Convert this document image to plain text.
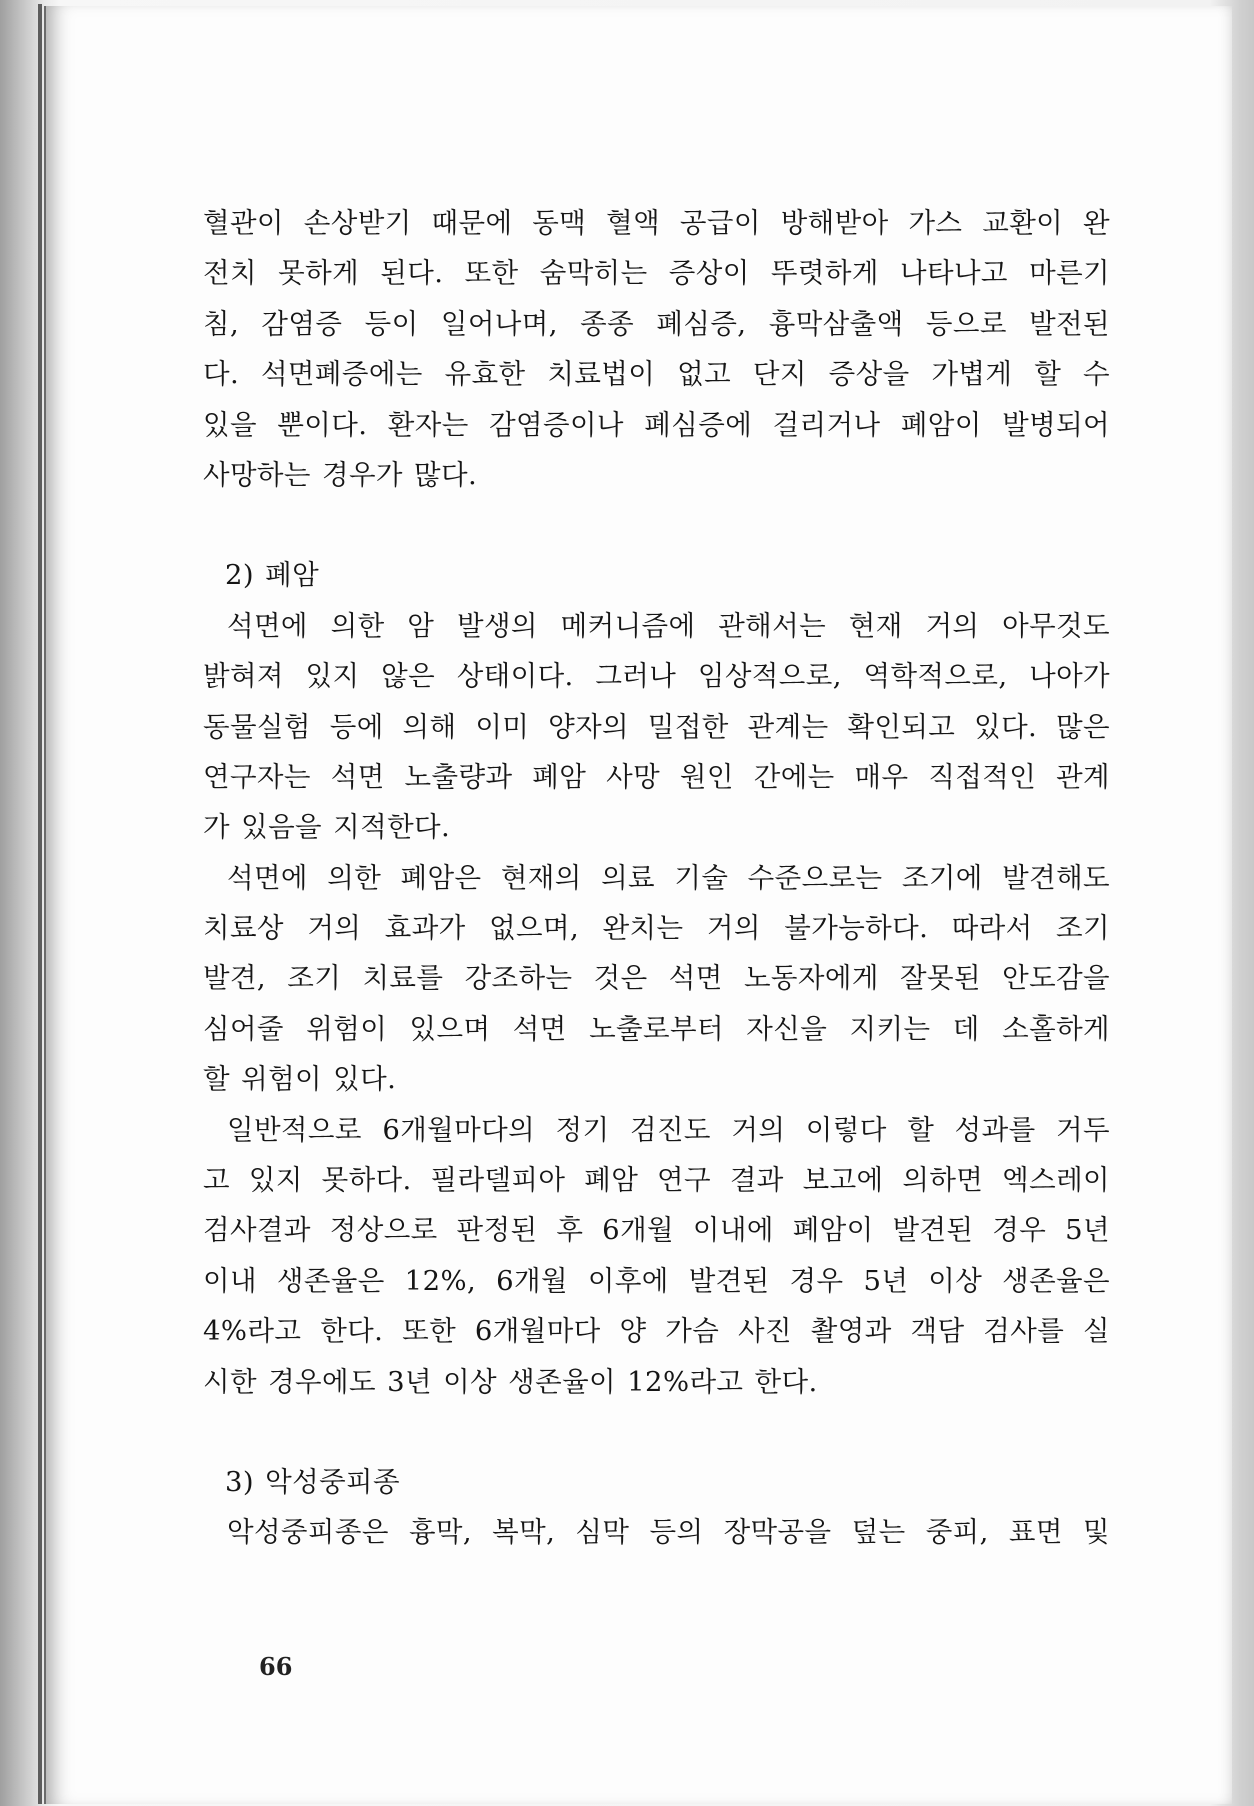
혈관이 손상받기 때문에 동맥 혈액 공급이 방해받아 가스 교환이 완
전치 못하게 된다. 또한 숨막히는 증상이 뚜렷하게 나타나고 마른기
침, 감염증 등이 일어나며, 종종 폐심증, 흉막삼출액 등으로 발전된
다. 석면폐증에는 유효한 치료법이 없고 단지 증상을 가볍게 할 수
있을 뿐이다. 환자는 감염증이나 폐심증에 걸리거나 폐암이 발병되어
사망하는 경우가 많다.
2) 폐암
석면에 의한 암 발생의 메커니즘에 관해서는 현재 거의 아무것도
밝혀져 있지 않은 상태이다. 그러나 임상적으로, 역학적으로, 나아가
동물실험 등에 의해 이미 양자의 밀접한 관계는 확인되고 있다. 많은
연구자는 석면 노출량과 폐암 사망 원인 간에는 매우 직접적인 관계
가 있음을 지적한다.
석면에 의한 폐암은 현재의 의료 기술 수준으로는 조기에 발견해도
치료상 거의 효과가 없으며, 완치는 거의 불가능하다. 따라서 조기
발견, 조기 치료를 강조하는 것은 석면 노동자에게 잘못된 안도감을
심어줄 위험이 있으며 석면 노출로부터 자신을 지키는 데 소홀하게
할 위험이 있다.
일반적으로 6개월마다의 정기 검진도 거의 이렇다 할 성과를 거두
고 있지 못하다. 필라델피아 폐암 연구 결과 보고에 의하면 엑스레이
검사결과 정상으로 판정된 후 6개월 이내에 폐암이 발견된 경우 5년
이내 생존율은 12%, 6개월 이후에 발견된 경우 5년 이상 생존율은
4%라고 한다. 또한 6개월마다 양 가슴 사진 촬영과 객담 검사를 실
시한 경우에도 3년 이상 생존율이 12%라고 한다.
3) 악성중피종
악성중피종은 흉막, 복막, 심막 등의 장막공을 덮는 중피, 표면 및
66
